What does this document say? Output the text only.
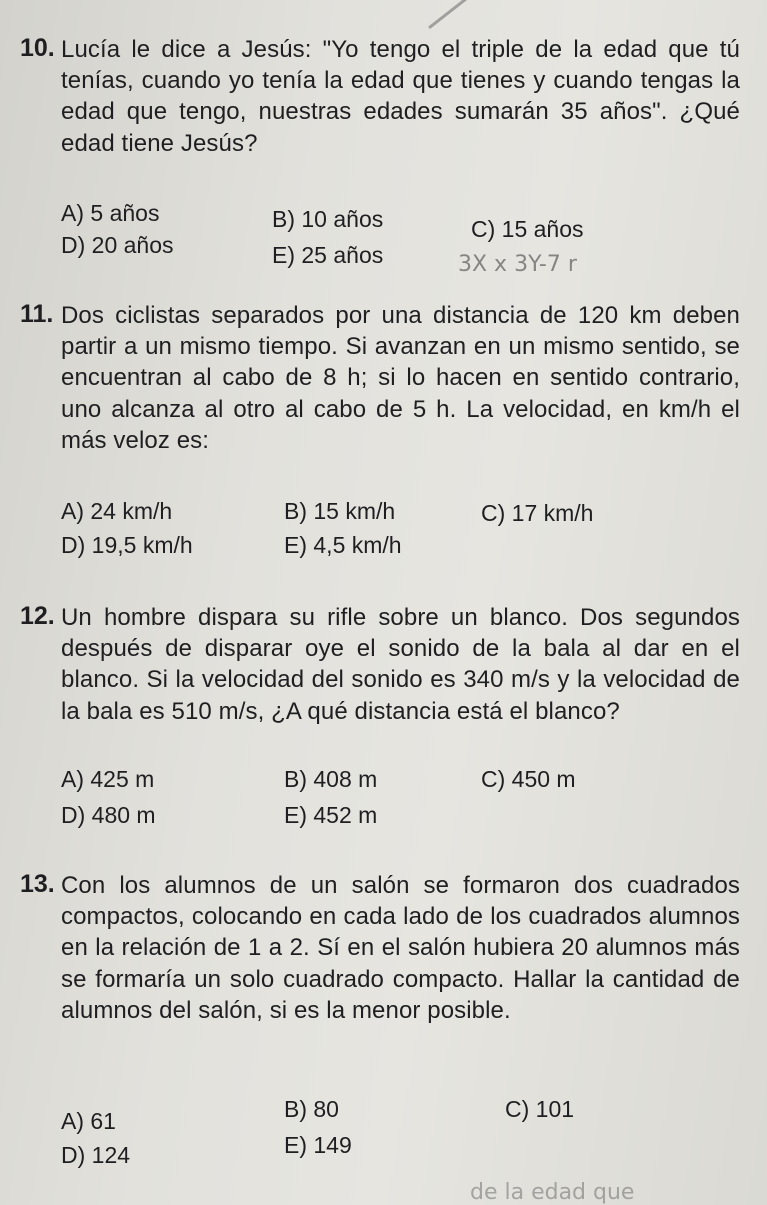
10. Lucía le dice a Jesús: "Yo tengo el triple de la edad que tú tenías, cuando yo tenía la edad que tienes y cuando tengas la edad que tengo, nuestras edades sumarán 35 años". ¿Qué edad tiene Jesús?
A) 5 años	B) 10 años	C) 15 años
D) 20 años	E) 25 años	3X x 3Y-7 r
11. Dos ciclistas separados por una distancia de 120 km deben partir a un mismo tiempo. Si avanzan en un mismo sentido, se encuentran al cabo de 8 h; si lo hacen en sentido contrario, uno alcanza al otro al cabo de 5 h. La velocidad, en km/h el más veloz es:
A) 24 km/h	B) 15 km/h	C) 17 km/h
D) 19,5 km/h	E) 4,5 km/h
12. Un hombre dispara su rifle sobre un blanco. Dos segundos después de disparar oye el sonido de la bala al dar en el blanco. Si la velocidad del sonido es 340 m/s y la velocidad de la bala es 510 m/s, ¿A qué distancia está el blanco?
A) 425 m	B) 408 m	C) 450 m
D) 480 m	E) 452 m
13. Con los alumnos de un salón se formaron dos cuadrados compactos, colocando en cada lado de los cuadrados alumnos en la relación de 1 a 2. Sí en el salón hubiera 20 alumnos más se formaría un solo cuadrado compacto. Hallar la cantidad de alumnos del salón, si es la menor posible.
A) 61	B) 80	C) 101
D) 124	E) 149
de la edad que
